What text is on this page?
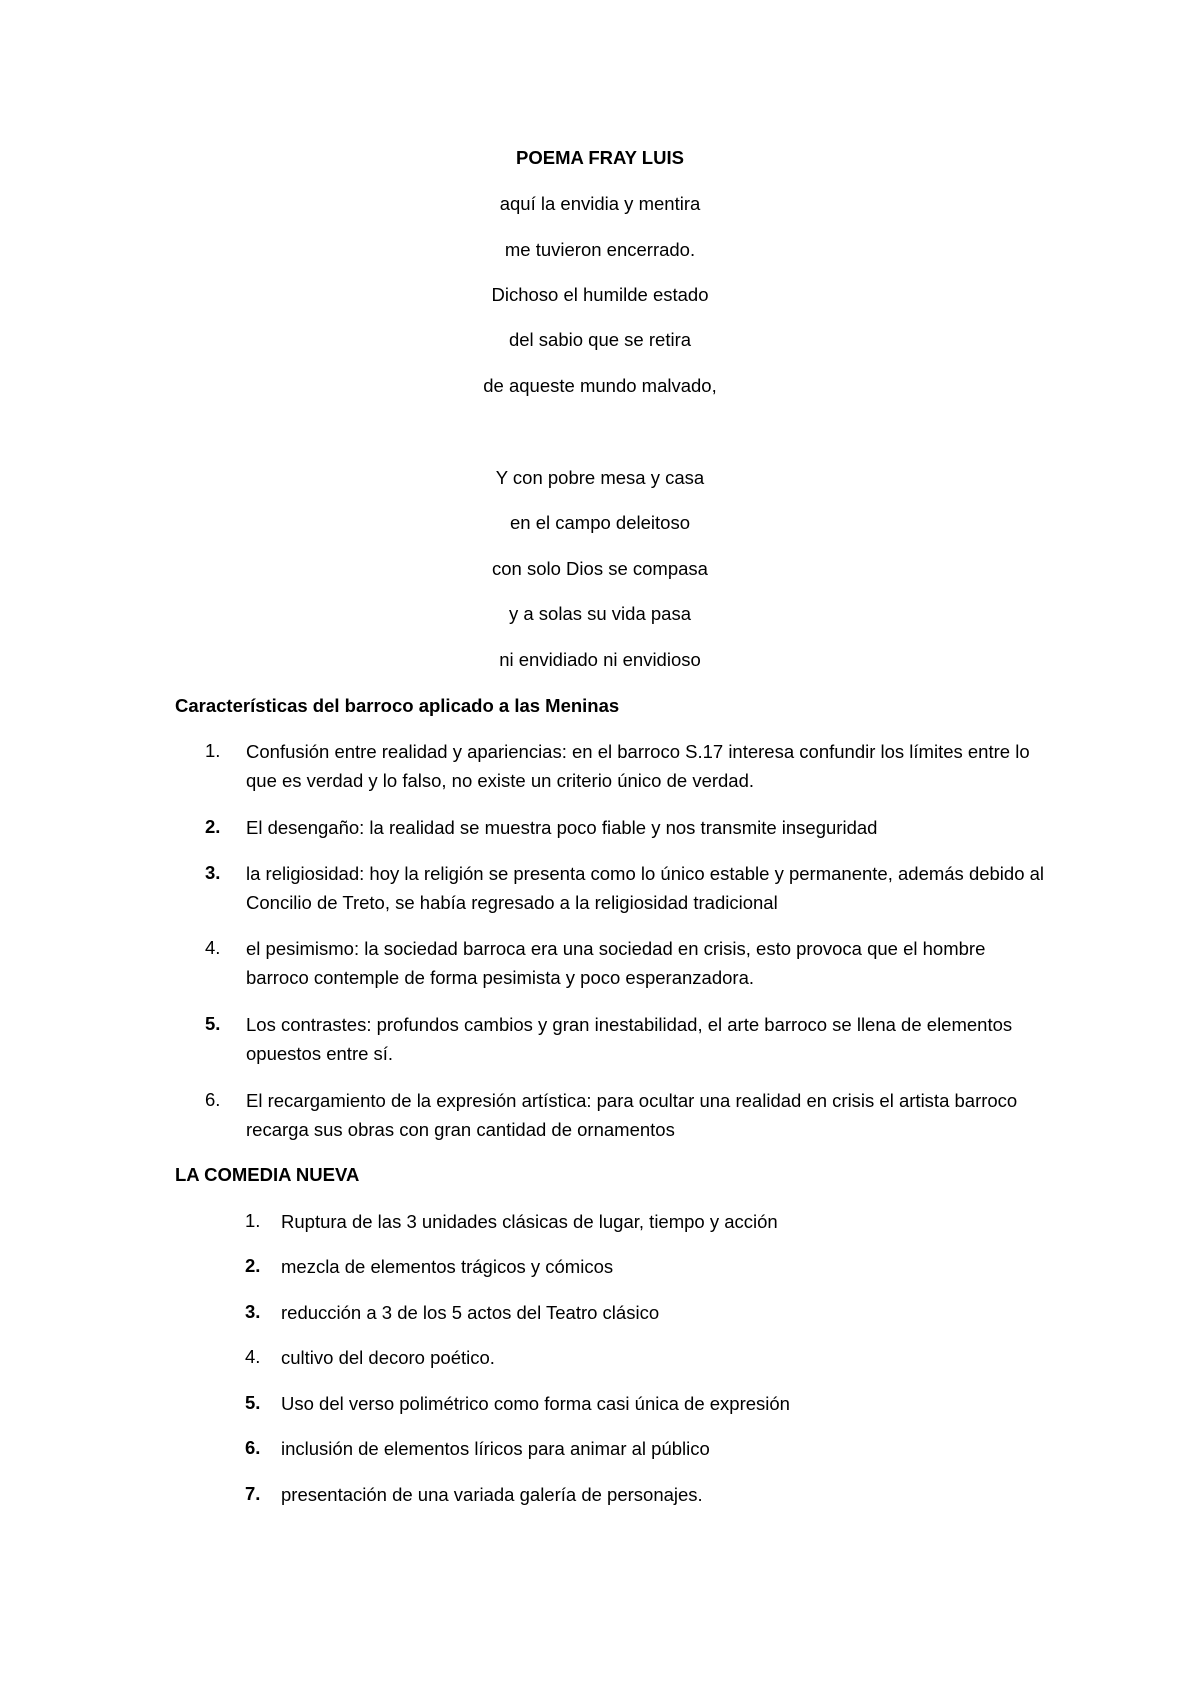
POEMA FRAY LUIS
aquí la envidia y mentira
me tuvieron encerrado.
Dichoso el humilde estado
del sabio que se retira
de aqueste mundo malvado,
Y con pobre mesa y casa
en el campo deleitoso
con solo Dios se compasa
y a solas su vida pasa
ni envidiado ni envidioso
Características del barroco aplicado a las Meninas
1.	Confusión entre realidad y apariencias: en el barroco S.17 interesa confundir los límites entre lo que es verdad y lo falso, no existe un criterio único de verdad.
2.	El desengaño: la realidad se muestra poco fiable y nos transmite inseguridad
3.	la religiosidad: hoy la religión se presenta como lo único estable y permanente, además debido al Concilio de Treto, se había regresado a la religiosidad tradicional
4.	el pesimismo: la sociedad barroca era una sociedad en crisis, esto provoca que el hombre barroco contemple de forma pesimista y poco esperanzadora.
5.	Los contrastes: profundos cambios y gran inestabilidad, el arte barroco se llena de elementos opuestos entre sí.
6.	El recargamiento de la expresión artística: para ocultar una realidad en crisis el artista barroco recarga sus obras con gran cantidad de ornamentos
LA COMEDIA NUEVA
1.	Ruptura de las 3 unidades clásicas de lugar, tiempo y acción
2.	mezcla de elementos trágicos y cómicos
3.	reducción a 3 de los 5 actos del Teatro clásico
4.	cultivo del decoro poético.
5.	Uso del verso polimétrico como forma casi única de expresión
6.	inclusión de elementos líricos para animar al público
7.	presentación de una variada galería de personajes.
